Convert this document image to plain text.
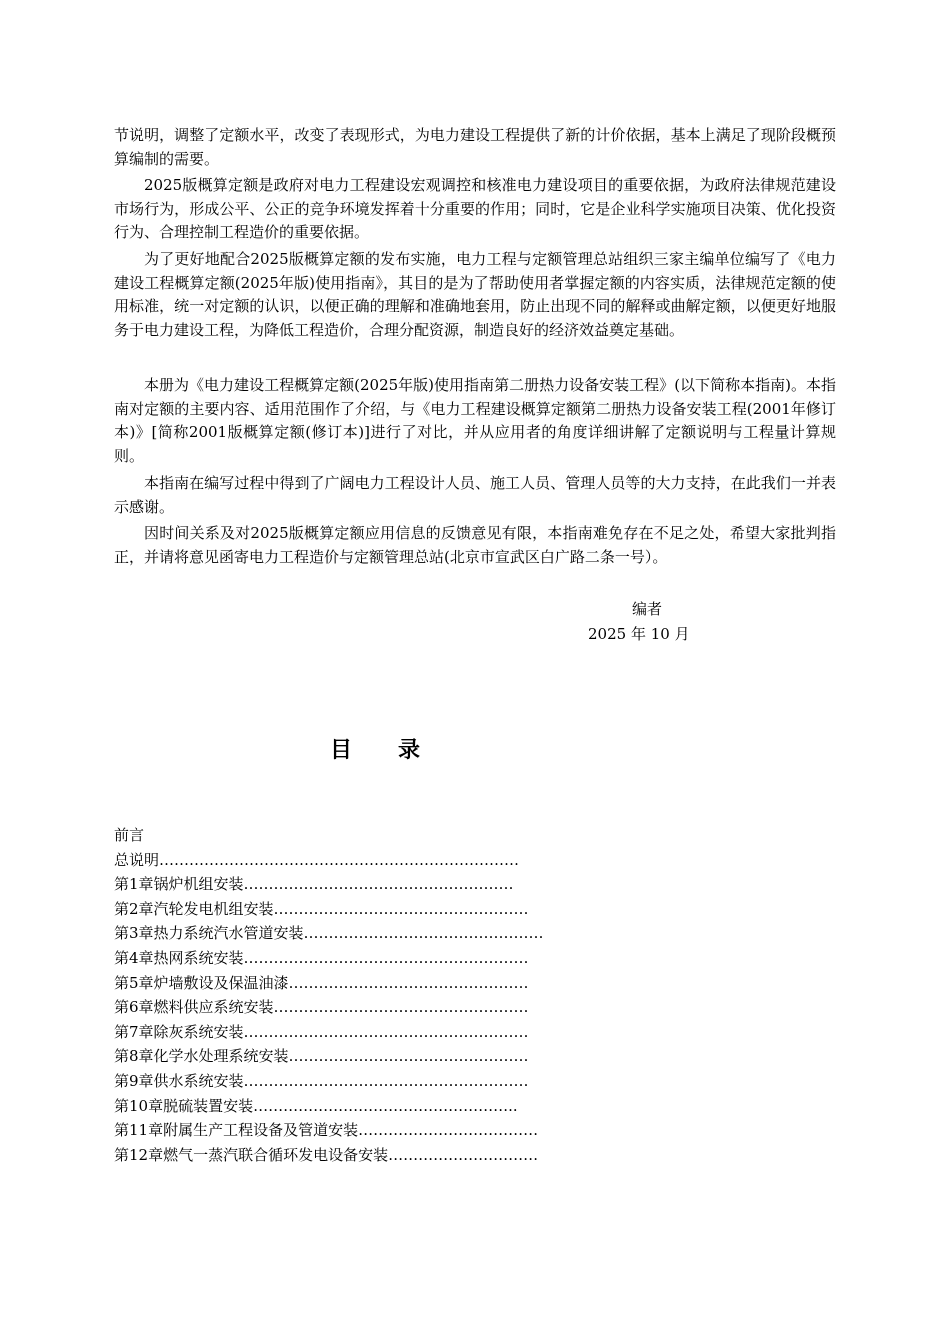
节说明，调整了定额水平，改变了表现形式，为电力建设工程提供了新的计价依据，基本上满足了现阶段概预算编制的需要。

2025版概算定额是政府对电力工程建设宏观调控和核准电力建设项目的重要依据，为政府法律规范建设市场行为，形成公平、公正的竞争环境发挥着十分重要的作用；同时，它是企业科学实施项目决策、优化投资行为、合理控制工程造价的重要依据。

为了更好地配合2025版概算定额的发布实施，电力工程与定额管理总站组织三家主编单位编写了《电力建设工程概算定额(2025年版)使用指南》，其目的是为了帮助使用者掌握定额的内容实质，法律规范定额的使用标准，统一对定额的认识，以便正确的理解和准确地套用，防止出现不同的解释或曲解定额，以便更好地服务于电力建设工程，为降低工程造价，合理分配资源，制造良好的经济效益奠定基础。

本册为《电力建设工程概算定额(2025年版)使用指南第二册热力设备安装工程》(以下简称本指南)。本指南对定额的主要内容、适用范围作了介绍，与《电力工程建设概算定额第二册热力设备安装工程(2001年修订本)》[简称2001版概算定额(修订本)]进行了对比，并从应用者的角度详细讲解了定额说明与工程量计算规则。

本指南在编写过程中得到了广阔电力工程设计人员、施工人员、管理人员等的大力支持，在此我们一并表示感谢。

因时间关系及对2025版概算定额应用信息的反馈意见有限，本指南难免存在不足之处，希望大家批判指正，并请将意见函寄电力工程造价与定额管理总站(北京市宣武区白广路二条一号）。

编者
2025 年 10 月
目 录
前言
总说明………………………………………………………………
第1章锅炉机组安装………………………………………………
第2章汽轮发电机组安装……………………………………………
第3章热力系统汽水管道安装…………………………………………
第4章热网系统安装…………………………………………………
第5章炉墙敷设及保温油漆…………………………………………
第6章燃料供应系统安装……………………………………………
第7章除灰系统安装…………………………………………………
第8章化学水处理系统安装…………………………………………
第9章供水系统安装…………………………………………………
第10章脱硫装置安装……………………………………………..
第11章附属生产工程设备及管道安装………………………………
第12章燃气一蒸汽联合循环发电设备安装…………………………
